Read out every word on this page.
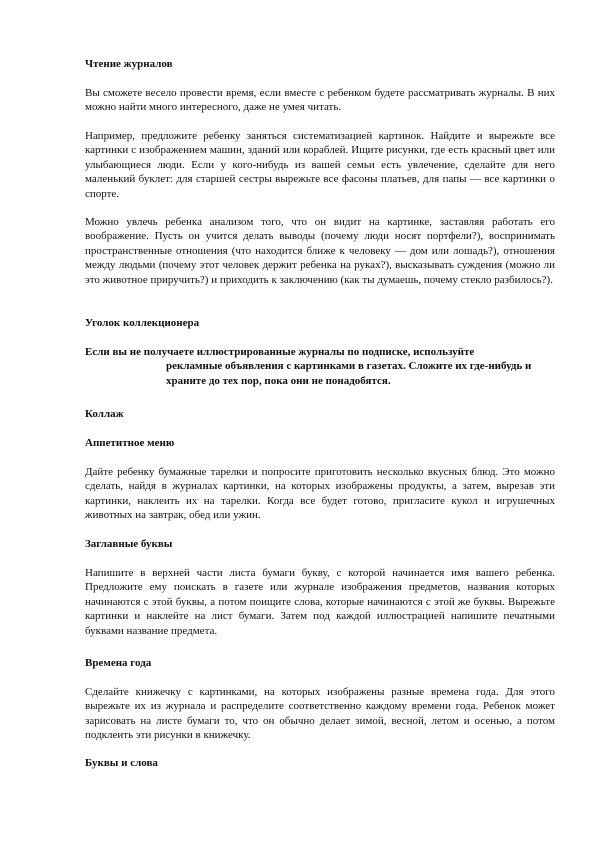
Чтение журналов

Вы сможете весело провести время, если вместе с ребенком будете рассматривать журналы. В них можно найти много интересного, даже не умея читать.

Например, предложите ребенку заняться систематизацией картинок. Найдите и вырежьте все картинки с изображением машин, зданий или кораблей. Ищите рисунки, где есть красный цвет или улыбающиеся люди. Если у кого-нибудь из вашей семьи есть увлечение, сделайте для него маленький буклет: для старшей сестры вырежьте все фасоны платьев, для папы — все картинки о спорте.

Можно увлечь ребенка анализом того, что он видит на картинке, заставляя работать его воображение. Пусть он учится делать выводы (почему люди носят портфели?), воспринимать пространственные отношения (что находится ближе к человеку — дом или лошадь?), отношения между людьми (почему этот человек держит ребенка на руках?), высказывать суждения (можно ли это животное приручить?) и приходить к заключению (как ты думаешь, почему стекло разбилось?).

Уголок коллекционера

Если вы не получаете иллюстрированные журналы по подписке, используйте
рекламные объявления с картинками в газетах. Сложите их где-нибудь и
храните до тех пор, пока они не понадобятся.

Коллаж

Аппетитное меню

Дайте ребенку бумажные тарелки и попросите приготовить несколько вкусных блюд. Это можно сделать, найдя в журналах картинки, на которых изображены продукты, а затем, вырезав эти картинки, наклеить их на тарелки. Когда все будет готово, пригласите кукол и игрушечных животных на завтрак, обед или ужин.

Заглавные буквы

Напишите в верхней части листа бумаги букву, с которой начинается имя вашего ребенка. Предложите ему поискать в газете или журнале изображения предметов, названия которых начинаются с этой буквы, а потом поищите слова, которые начинаются с этой же буквы. Вырежьте картинки и наклейте на лист бумаги. Затем под каждой иллюстрацией напишите печатными буквами название предмета.

Времена года

Сделайте книжечку с картинками, на которых изображены разные времена года. Для этого вырежьте их из журнала и распределите соответственно каждому времени года. Ребенок может зарисовать на листе бумаги то, что он обычно делает зимой, весной, летом и осенью, а потом подклеить эти рисунки в книжечку.

Буквы и слова
